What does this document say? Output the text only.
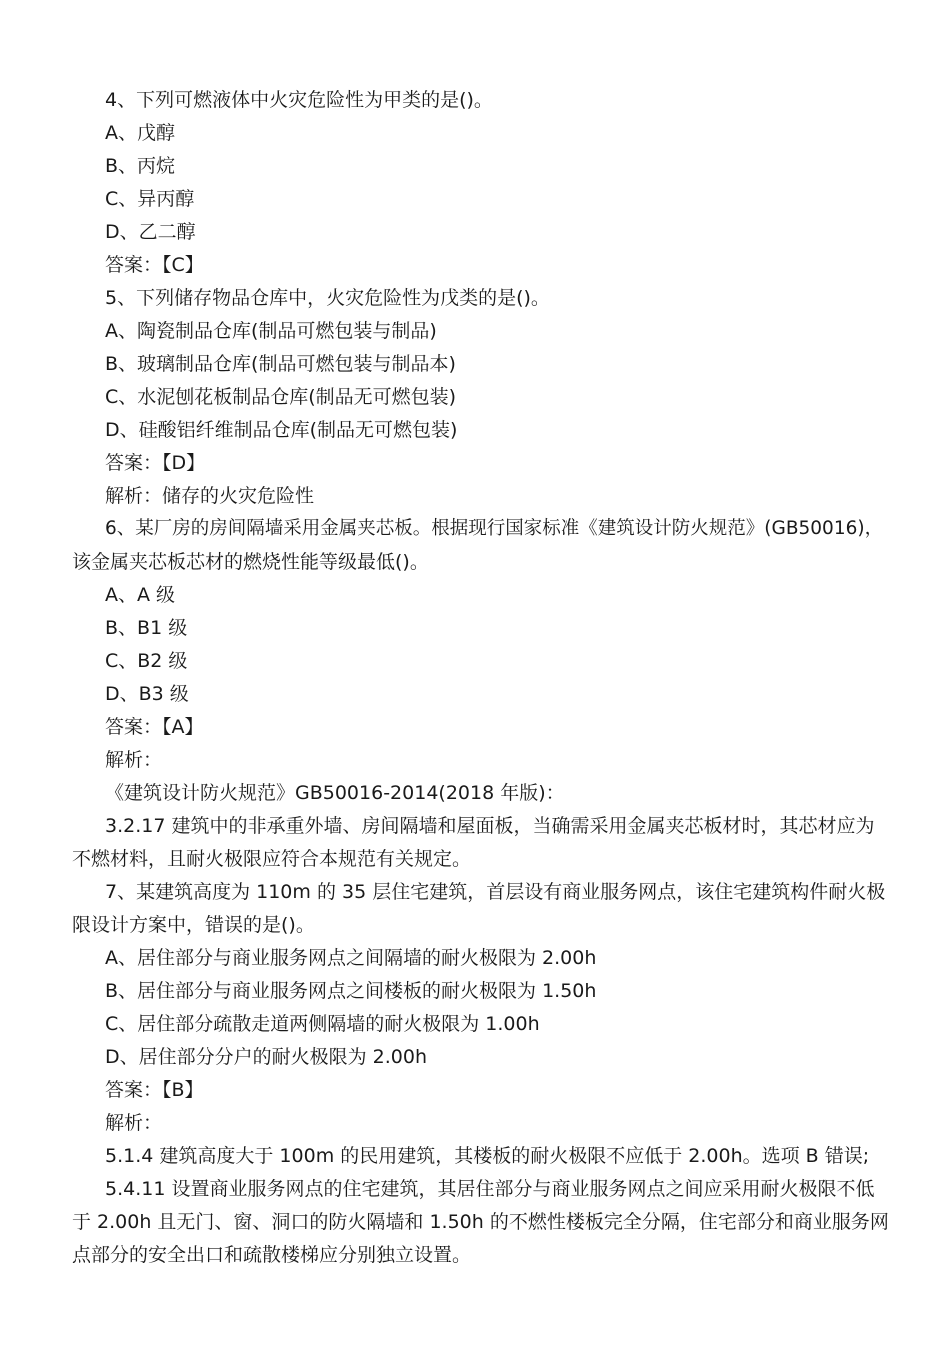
4、下列可燃液体中火灾危险性为甲类的是()。
A、戊醇
B、丙烷
C、异丙醇
D、乙二醇
答案：【C】
5、下列储存物品仓库中，火灾危险性为戊类的是()。
A、陶瓷制品仓库(制品可燃包装与制品)
B、玻璃制品仓库(制品可燃包装与制品本)
C、水泥刨花板制品仓库(制品无可燃包装)
D、硅酸铝纤维制品仓库(制品无可燃包装)
答案：【D】
解析：储存的火灾危险性
6、某厂房的房间隔墙采用金属夹芯板。根据现行国家标准《建筑设计防火规范》(GB50016)，
该金属夹芯板芯材的燃烧性能等级最低()。
A、A 级
B、B1 级
C、B2 级
D、B3 级
答案：【A】
解析：
《建筑设计防火规范》GB50016-2014(2018 年版)：
3.2.17 建筑中的非承重外墙、房间隔墙和屋面板，当确需采用金属夹芯板材时，其芯材应为
不燃材料，且耐火极限应符合本规范有关规定。
7、某建筑高度为 110m 的 35 层住宅建筑，首层设有商业服务网点，该住宅建筑构件耐火极
限设计方案中，错误的是()。
A、居住部分与商业服务网点之间隔墙的耐火极限为 2.00h
B、居住部分与商业服务网点之间楼板的耐火极限为 1.50h
C、居住部分疏散走道两侧隔墙的耐火极限为 1.00h
D、居住部分分户的耐火极限为 2.00h
答案：【B】
解析：
5.1.4 建筑高度大于 100m 的民用建筑，其楼板的耐火极限不应低于 2.00h。选项 B 错误;
5.4.11 设置商业服务网点的住宅建筑，其居住部分与商业服务网点之间应采用耐火极限不低
于 2.00h 且无门、窗、洞口的防火隔墙和 1.50h 的不燃性楼板完全分隔，住宅部分和商业服务网
点部分的安全出口和疏散楼梯应分别独立设置。
